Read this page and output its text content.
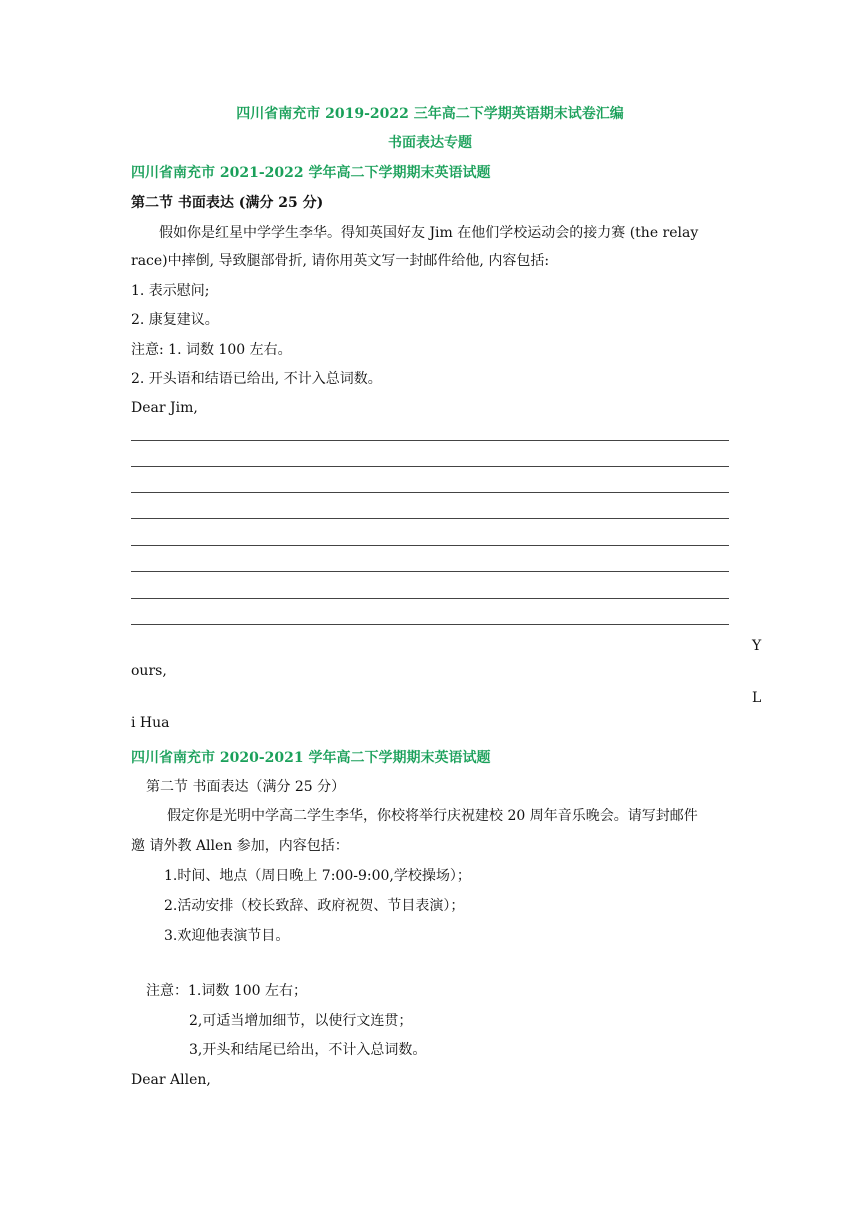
四川省南充市 2019-2022 三年高二下学期英语期末试卷汇编
书面表达专题
四川省南充市 2021-2022 学年高二下学期期末英语试题
第二节 书面表达 (满分 25 分)
假如你是红星中学学生李华。得知英国好友 Jim 在他们学校运动会的接力赛 (the relay
race)中摔倒, 导致腿部骨折, 请你用英文写一封邮件给他, 内容包括:
1. 表示慰问;
2. 康复建议。
注意: 1. 词数 100 左右。
2. 开头语和结语已给出, 不计入总词数。
Dear Jim,
Y
ours,
L
i Hua
四川省南充市 2020-2021 学年高二下学期期末英语试题
第二节 书面表达（满分 25 分）
假定你是光明中学高二学生李华，你校将举行庆祝建校 20 周年音乐晚会。请写封邮件
邀 请外教 Allen 参加，内容包括：
1.时间、地点（周日晚上 7:00-9:00,学校操场）；
2.活动安排（校长致辞、政府祝贺、节目表演）；
3.欢迎他表演节目。
注意：1.词数 100 左右；
2,可适当增加细节，以使行文连贯；
3,开头和结尾已给出，不计入总词数。
Dear Allen,
